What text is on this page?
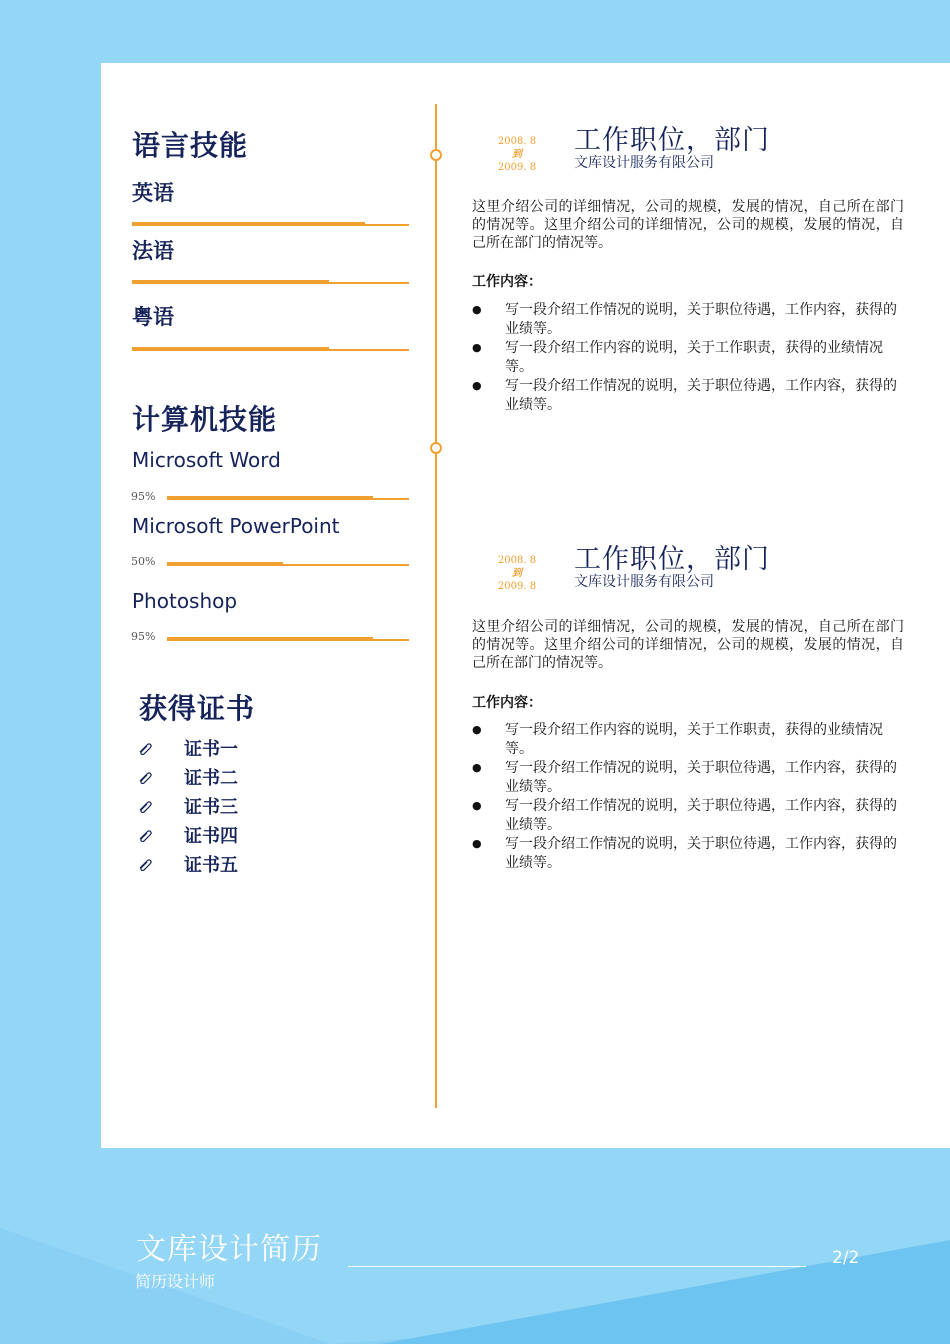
语言技能
英语
法语
粤语
计算机技能
Microsoft Word
95%
Microsoft PowerPoint
50%
Photoshop
95%
获得证书
证书一
证书二
证书三
证书四
证书五
2008. 8
到
2009. 8
工作职位，部门
文库设计服务有限公司
这里介绍公司的详细情况，公司的规模，发展的情况，自己所在部门的情况等。这里介绍公司的详细情况，公司的规模，发展的情况，自己所在部门的情况等。
工作内容：
● 写一段介绍工作情况的说明，关于职位待遇，工作内容，获得的业绩等。
● 写一段介绍工作内容的说明，关于工作职责，获得的业绩情况等。
● 写一段介绍工作情况的说明，关于职位待遇，工作内容，获得的业绩等。
2008. 8
到
2009. 8
工作职位，部门
文库设计服务有限公司
这里介绍公司的详细情况，公司的规模，发展的情况，自己所在部门的情况等。这里介绍公司的详细情况，公司的规模，发展的情况，自己所在部门的情况等。
工作内容：
● 写一段介绍工作内容的说明，关于工作职责，获得的业绩情况等。
● 写一段介绍工作情况的说明，关于职位待遇，工作内容，获得的业绩等。
● 写一段介绍工作情况的说明，关于职位待遇，工作内容，获得的业绩等。
● 写一段介绍工作情况的说明，关于职位待遇，工作内容，获得的业绩等。
文库设计简历
简历设计师
2/2
